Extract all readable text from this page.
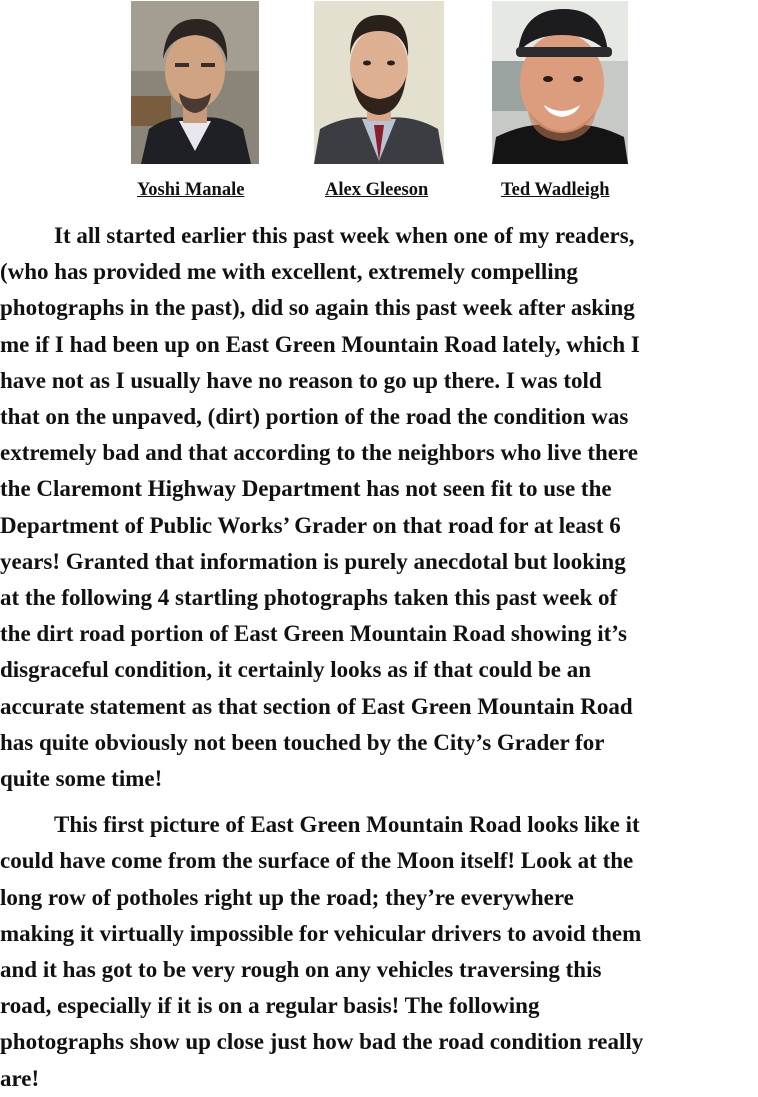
Yoshi Manale	Alex Gleeson	Ted Wadleigh

It all started earlier this past week when one of my readers,
(who has provided me with excellent, extremely compelling
photographs in the past), did so again this past week after asking
me if I had been up on East Green Mountain Road lately, which I
have not as I usually have no reason to go up there. I was told
that on the unpaved, (dirt) portion of the road the condition was
extremely bad and that according to the neighbors who live there
the Claremont Highway Department has not seen fit to use the
Department of Public Works’ Grader on that road for at least 6
years! Granted that information is purely anecdotal but looking
at the following 4 startling photographs taken this past week of
the dirt road portion of East Green Mountain Road showing it’s
disgraceful condition, it certainly looks as if that could be an
accurate statement as that section of East Green Mountain Road
has quite obviously not been touched by the City’s Grader for
quite some time!

This first picture of East Green Mountain Road looks like it
could have come from the surface of the Moon itself! Look at the
long row of potholes right up the road; they’re everywhere
making it virtually impossible for vehicular drivers to avoid them
and it has got to be very rough on any vehicles traversing this
road, especially if it is on a regular basis! The following
photographs show up close just how bad the road condition really
are!
